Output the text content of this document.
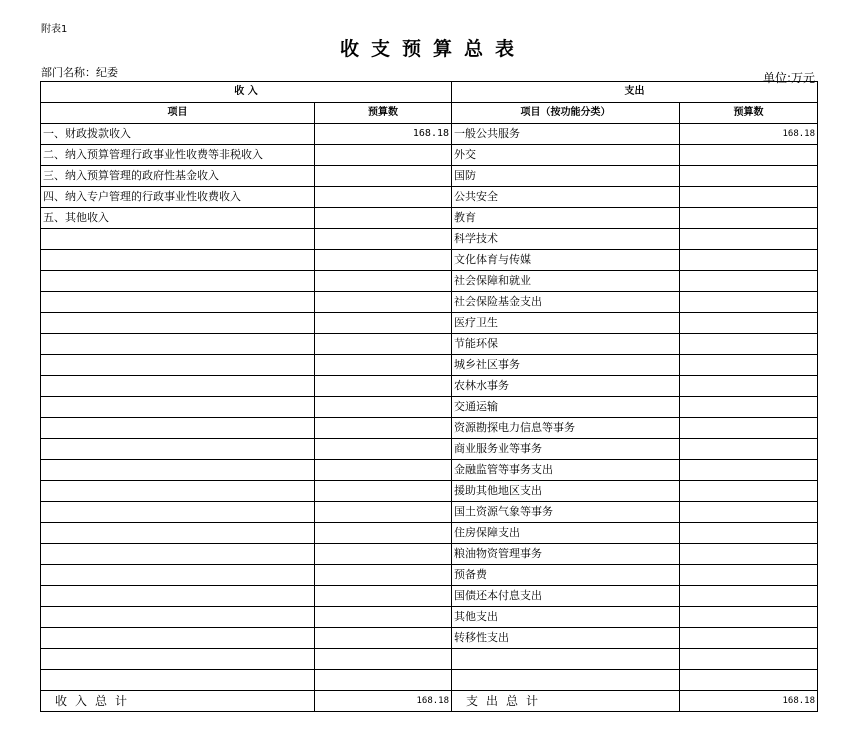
附表1
收支预算总表
部门名称：纪委	单位:万元
收 入		支出	
项目	预算数	项目（按功能分类）	预算数
一、财政拨款收入	168.18	一般公共服务	168.18
二、纳入预算管理行政事业性收费等非税收入		外交	
三、纳入预算管理的政府性基金收入		国防	
四、纳入专户管理的行政事业性收费收入		公共安全	
五、其他收入		教育	
		科学技术	
		文化体育与传媒	
		社会保障和就业	
		社会保险基金支出	
		医疗卫生	
		节能环保	
		城乡社区事务	
		农林水事务	
		交通运输	
		资源勘探电力信息等事务	
		商业服务业等事务	
		金融监管等事务支出	
		援助其他地区支出	
		国土资源气象等事务	
		住房保障支出	
		粮油物资管理事务	
		预备费	
		国债还本付息支出	
		其他支出	
		转移性支出	

收入总计	168.18	支出总计	168.18
